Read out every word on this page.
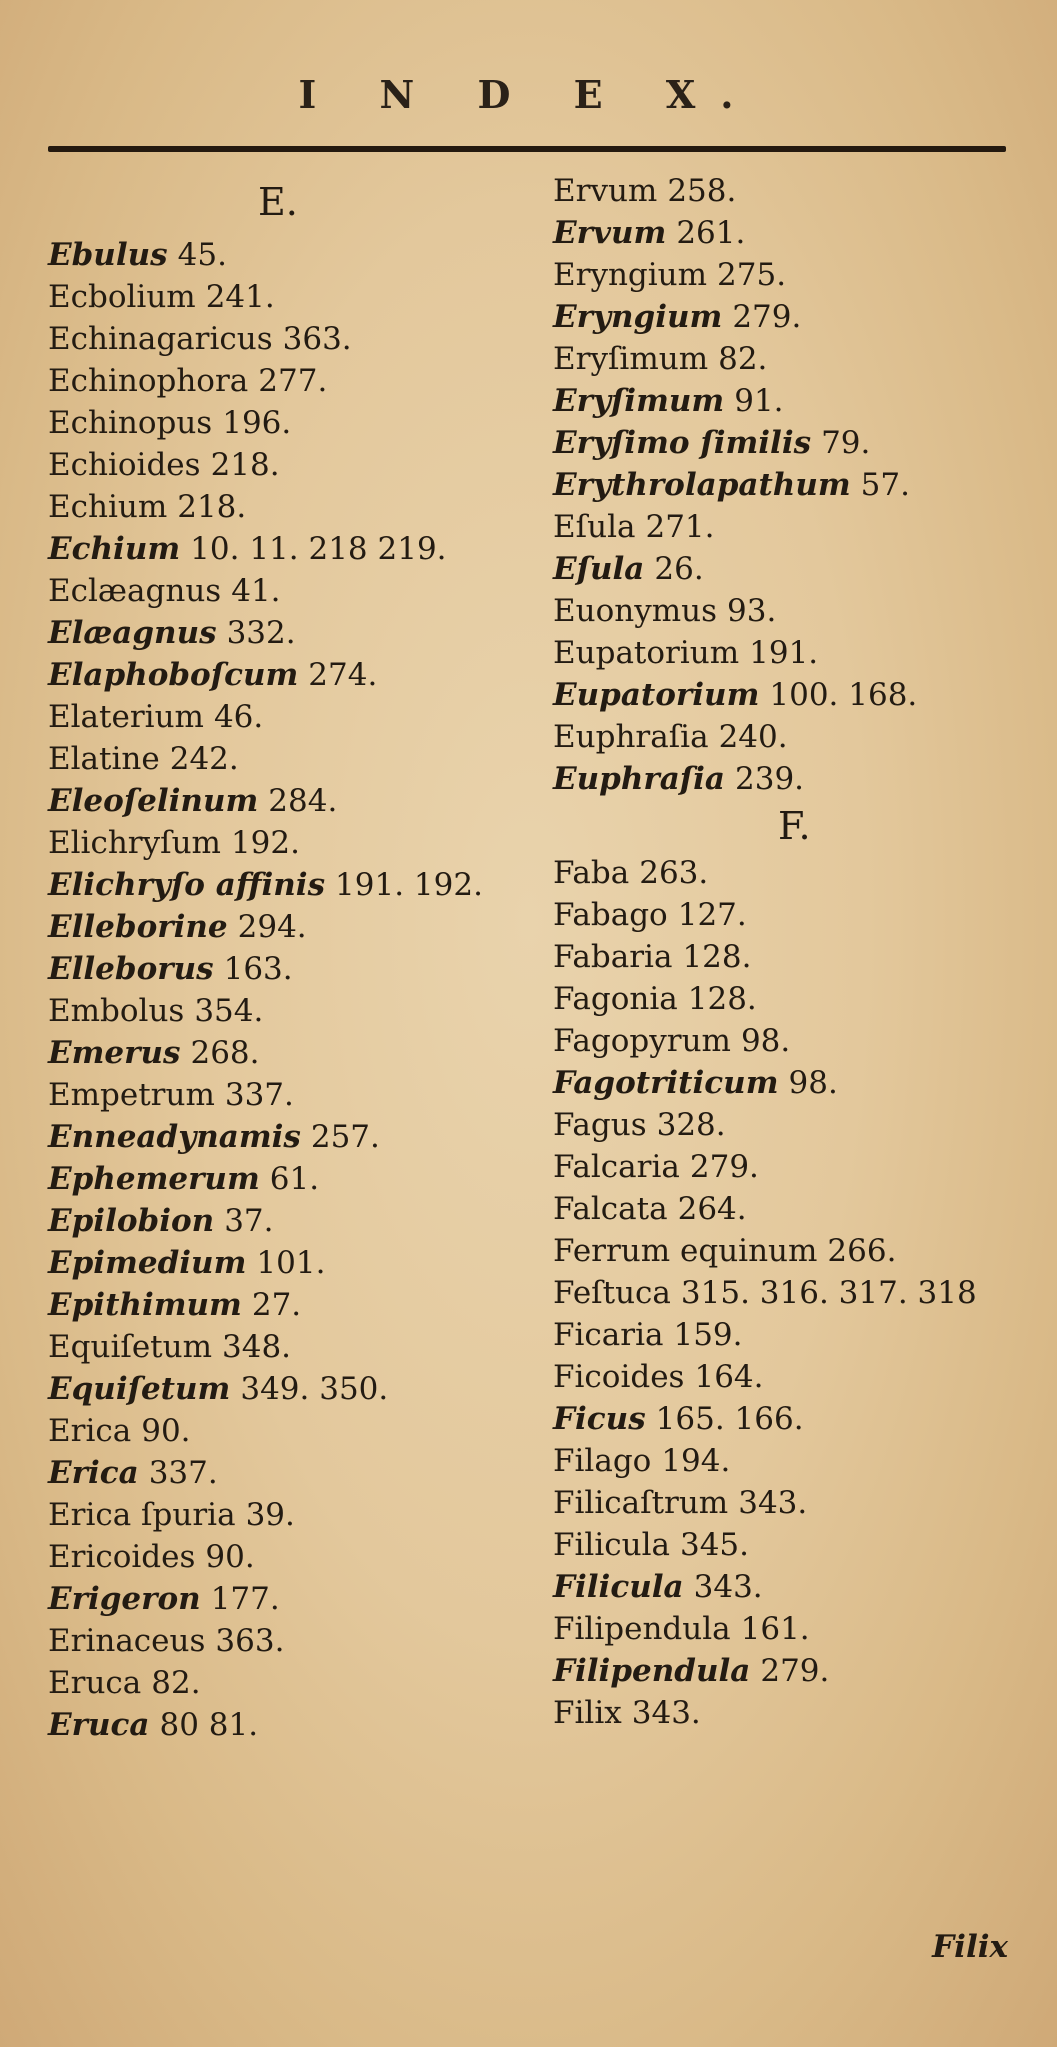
I N D E X.
E.
Ebulus 45.
Ecbolium 241.
Echinagaricus 363.
Echinophora 277.
Echinopus 196.
Echioides 218.
Echium 218.
Echium 10. 11. 218 219.
Eclæagnus 41.
Elæagnus 332.
Elaphoboſcum 274.
Elaterium 46.
Elatine 242.
Eleoſelinum 284.
Elichryſum 192.
Elichryſo affinis 191. 192.
Elleborine 294.
Elleborus 163.
Embolus 354.
Emerus 268.
Empetrum 337.
Enneadynamis 257.
Ephemerum 61.
Epilobion 37.
Epimedium 101.
Epithimum 27.
Equiſetum 348.
Equiſetum 349. 350.
Erica 90.
Erica 337.
Erica ſpuria 39.
Ericoides 90.
Erigeron 177.
Erinaceus 363.
Eruca 82.
Eruca 80 81.
Ervum 258.
Ervum 261.
Eryngium 275.
Eryngium 279.
Eryſimum 82.
Eryſimum 91.
Eryſimo ſimilis 79.
Erythrolapathum 57.
Eſula 271.
Eſula 26.
Euonymus 93.
Eupatorium 191.
Eupatorium 100. 168.
Euphraſia 240.
Euphraſia 239.
F.
Faba 263.
Fabago 127.
Fabaria 128.
Fagonia 128.
Fagopyrum 98.
Fagotriticum 98.
Fagus 328.
Falcaria 279.
Falcata 264.
Ferrum equinum 266.
Feſtuca 315. 316. 317. 318
Ficaria 159.
Ficoides 164.
Ficus 165. 166.
Filago 194.
Filicaſtrum 343.
Filicula 345.
Filicula 343.
Filipendula 161.
Filipendula 279.
Filix 343.
Filix
